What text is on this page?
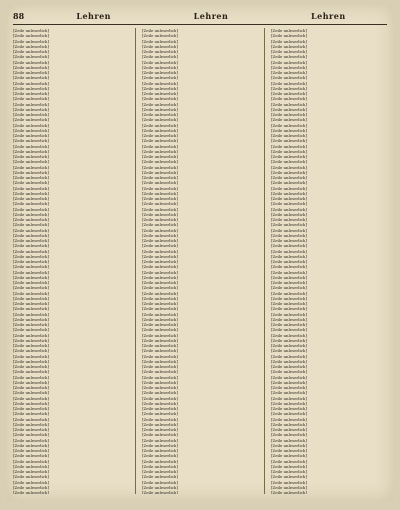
88	Lehren	Lehren	Lehren
[Zeile unleserlich]
[Zeile unleserlich]
[Zeile unleserlich]
[Zeile unleserlich]
[Zeile unleserlich]
[Zeile unleserlich]
[Zeile unleserlich]
[Zeile unleserlich]
[Zeile unleserlich]
[Zeile unleserlich]
[Zeile unleserlich]
[Zeile unleserlich]
[Zeile unleserlich]
[Zeile unleserlich]
[Zeile unleserlich]
[Zeile unleserlich]
[Zeile unleserlich]
[Zeile unleserlich]
[Zeile unleserlich]
[Zeile unleserlich]
[Zeile unleserlich]
[Zeile unleserlich]
[Zeile unleserlich]
[Zeile unleserlich]
[Zeile unleserlich]
[Zeile unleserlich]
[Zeile unleserlich]
[Zeile unleserlich]
[Zeile unleserlich]
[Zeile unleserlich]
[Zeile unleserlich]
[Zeile unleserlich]
[Zeile unleserlich]
[Zeile unleserlich]
[Zeile unleserlich]
[Zeile unleserlich]
[Zeile unleserlich]
[Zeile unleserlich]
[Zeile unleserlich]
[Zeile unleserlich]
[Zeile unleserlich]
[Zeile unleserlich]
[Zeile unleserlich]
[Zeile unleserlich]
[Zeile unleserlich]
[Zeile unleserlich]
[Zeile unleserlich]
[Zeile unleserlich]
[Zeile unleserlich]
[Zeile unleserlich]
[Zeile unleserlich]
[Zeile unleserlich]
[Zeile unleserlich]
[Zeile unleserlich]
[Zeile unleserlich]
[Zeile unleserlich]
[Zeile unleserlich]
[Zeile unleserlich]
[Zeile unleserlich]
[Zeile unleserlich]
[Zeile unleserlich]
[Zeile unleserlich]
[Zeile unleserlich]
[Zeile unleserlich]
[Zeile unleserlich]
[Zeile unleserlich]
[Zeile unleserlich]
[Zeile unleserlich]
[Zeile unleserlich]
[Zeile unleserlich]
[Zeile unleserlich]
[Zeile unleserlich]
[Zeile unleserlich]
[Zeile unleserlich]
[Zeile unleserlich]
[Zeile unleserlich]
[Zeile unleserlich]
[Zeile unleserlich]
[Zeile unleserlich]
[Zeile unleserlich]
[Zeile unleserlich]
[Zeile unleserlich]
[Zeile unleserlich]
[Zeile unleserlich]
[Zeile unleserlich]
[Zeile unleserlich]
[Zeile unleserlich]
[Zeile unleserlich]
[Zeile unleserlich]
[Zeile unleserlich]
[Zeile unleserlich]
[Zeile unleserlich]
[Zeile unleserlich]
[Zeile unleserlich]
[Zeile unleserlich]
[Zeile unleserlich]
[Zeile unleserlich]
[Zeile unleserlich]
[Zeile unleserlich]
[Zeile unleserlich]
[Zeile unleserlich]
[Zeile unleserlich]
[Zeile unleserlich]
[Zeile unleserlich]
[Zeile unleserlich]
[Zeile unleserlich]
[Zeile unleserlich]
[Zeile unleserlich]
[Zeile unleserlich]
[Zeile unleserlich]
[Zeile unleserlich]
[Zeile unleserlich]
[Zeile unleserlich]
[Zeile unleserlich]
[Zeile unleserlich]
[Zeile unleserlich]
[Zeile unleserlich]
[Zeile unleserlich]
[Zeile unleserlich]
[Zeile unleserlich]
[Zeile unleserlich]
[Zeile unleserlich]
[Zeile unleserlich]
[Zeile unleserlich]
[Zeile unleserlich]
[Zeile unleserlich]
[Zeile unleserlich]
[Zeile unleserlich]
[Zeile unleserlich]
[Zeile unleserlich]
[Zeile unleserlich]
[Zeile unleserlich]
[Zeile unleserlich]
[Zeile unleserlich]
[Zeile unleserlich]
[Zeile unleserlich]
[Zeile unleserlich]
[Zeile unleserlich]
[Zeile unleserlich]
[Zeile unleserlich]
[Zeile unleserlich]
[Zeile unleserlich]
[Zeile unleserlich]
[Zeile unleserlich]
[Zeile unleserlich]
[Zeile unleserlich]
[Zeile unleserlich]
[Zeile unleserlich]
[Zeile unleserlich]
[Zeile unleserlich]
[Zeile unleserlich]
[Zeile unleserlich]
[Zeile unleserlich]
[Zeile unleserlich]
[Zeile unleserlich]
[Zeile unleserlich]
[Zeile unleserlich]
[Zeile unleserlich]
[Zeile unleserlich]
[Zeile unleserlich]
[Zeile unleserlich]
[Zeile unleserlich]
[Zeile unleserlich]
[Zeile unleserlich]
[Zeile unleserlich]
[Zeile unleserlich]
[Zeile unleserlich]
[Zeile unleserlich]
[Zeile unleserlich]
[Zeile unleserlich]
[Zeile unleserlich]
[Zeile unleserlich]
[Zeile unleserlich]
[Zeile unleserlich]
[Zeile unleserlich]
[Zeile unleserlich]
[Zeile unleserlich]
[Zeile unleserlich]
[Zeile unleserlich]
[Zeile unleserlich]
[Zeile unleserlich]
[Zeile unleserlich]
[Zeile unleserlich]
[Zeile unleserlich]
[Zeile unleserlich]
[Zeile unleserlich]
[Zeile unleserlich]
[Zeile unleserlich]
[Zeile unleserlich]
[Zeile unleserlich]
[Zeile unleserlich]
[Zeile unleserlich]
[Zeile unleserlich]
[Zeile unleserlich]
[Zeile unleserlich]
[Zeile unleserlich]
[Zeile unleserlich]
[Zeile unleserlich]
[Zeile unleserlich]
[Zeile unleserlich]
[Zeile unleserlich]
[Zeile unleserlich]
[Zeile unleserlich]
[Zeile unleserlich]
[Zeile unleserlich]
[Zeile unleserlich]
[Zeile unleserlich]
[Zeile unleserlich]
[Zeile unleserlich]
[Zeile unleserlich]
[Zeile unleserlich]
[Zeile unleserlich]
[Zeile unleserlich]
[Zeile unleserlich]
[Zeile unleserlich]
[Zeile unleserlich]
[Zeile unleserlich]
[Zeile unleserlich]
[Zeile unleserlich]
[Zeile unleserlich]
[Zeile unleserlich]
[Zeile unleserlich]
[Zeile unleserlich]
[Zeile unleserlich]
[Zeile unleserlich]
[Zeile unleserlich]
[Zeile unleserlich]
[Zeile unleserlich]
[Zeile unleserlich]
[Zeile unleserlich]
[Zeile unleserlich]
[Zeile unleserlich]
[Zeile unleserlich]
[Zeile unleserlich]
[Zeile unleserlich]
[Zeile unleserlich]
[Zeile unleserlich]
[Zeile unleserlich]
[Zeile unleserlich]
[Zeile unleserlich]
[Zeile unleserlich]
[Zeile unleserlich]
[Zeile unleserlich]
[Zeile unleserlich]
[Zeile unleserlich]
[Zeile unleserlich]
[Zeile unleserlich]
[Zeile unleserlich]
[Zeile unleserlich]
[Zeile unleserlich]
[Zeile unleserlich]
[Zeile unleserlich]
[Zeile unleserlich]
[Zeile unleserlich]
[Zeile unleserlich]
[Zeile unleserlich]
[Zeile unleserlich]
[Zeile unleserlich]
[Zeile unleserlich]
[Zeile unleserlich]
[Zeile unleserlich]
[Zeile unleserlich]
[Zeile unleserlich]
[Zeile unleserlich]
[Zeile unleserlich]
[Zeile unleserlich]
[Zeile unleserlich]
